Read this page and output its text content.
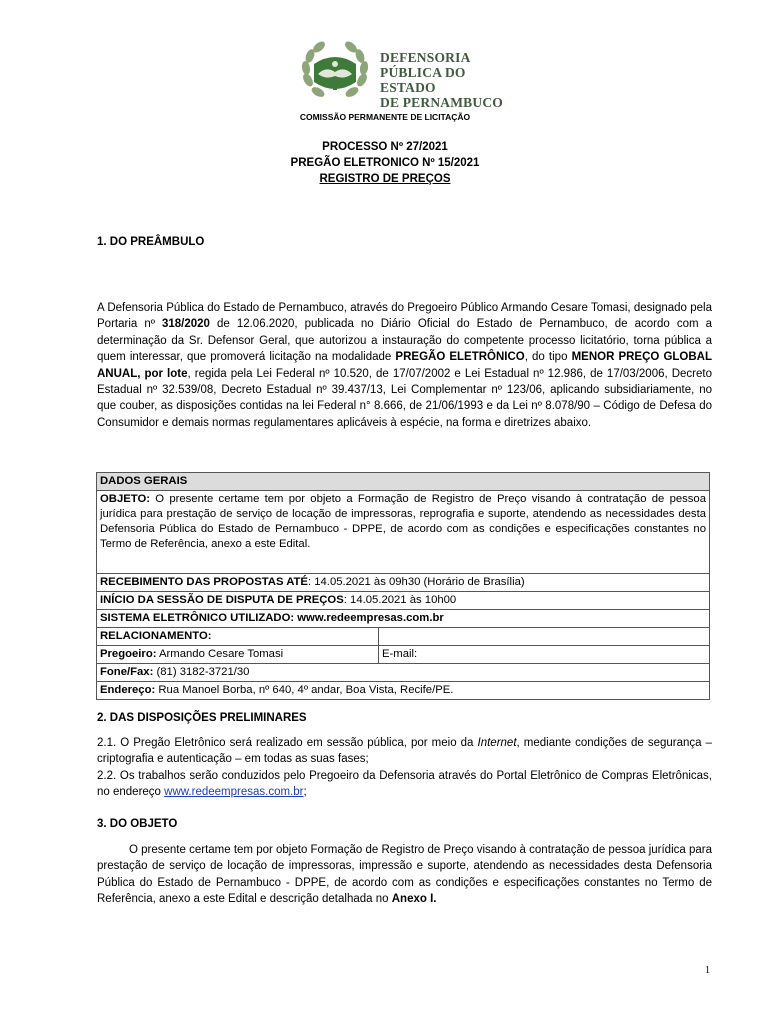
DEFENSORIA
PÚBLICA DO ESTADO
DE PERNAMBUCO
COMISSÃO PERMANENTE DE LICITAÇÃO
PROCESSO Nº 27/2021
PREGÃO ELETRONICO Nº 15/2021
REGISTRO DE PREÇOS
1. DO PREÂMBULO
A Defensoria Pública do Estado de Pernambuco, através do Pregoeiro Público Armando Cesare Tomasi, designado pela Portaria nº 318/2020 de 12.06.2020, publicada no Diário Oficial do Estado de Pernambuco, de acordo com a determinação da Sr. Defensor Geral, que autorizou a instauração do competente processo licitatório, torna pública a quem interessar, que promoverá licitação na modalidade PREGÃO ELETRÔNICO, do tipo MENOR PREÇO GLOBAL ANUAL, por lote, regida pela Lei Federal nº 10.520, de 17/07/2002 e Lei Estadual nº 12.986, de 17/03/2006, Decreto Estadual nº 32.539/08, Decreto Estadual nº 39.437/13, Lei Complementar nº 123/06, aplicando subsidiariamente, no que couber, as disposições contidas na lei Federal n° 8.666, de 21/06/1993 e da Lei nº 8.078/90 – Código de Defesa do Consumidor e demais normas regulamentares aplicáveis à espécie, na forma e diretrizes abaixo.
DADOS GERAIS	
OBJETO: O presente certame tem por objeto a Formação de Registro de Preço visando à contratação de pessoa jurídica para prestação de serviço de locação de impressoras, reprografia e suporte, atendendo as necessidades desta Defensoria Pública do Estado de Pernambuco - DPPE, de acordo com as condições e especificações constantes no Termo de Referência, anexo a este Edital.	
RECEBIMENTO DAS PROPOSTAS ATÉ: 14.05.2021 às 09h30 (Horário de Brasília)	
INÍCIO DA SESSÃO DE DISPUTA DE PREÇOS: 14.05.2021 às 10h00	
SISTEMA ELETRÔNICO UTILIZADO: www.redeempresas.com.br	
RELACIONAMENTO:	
Pregoeiro: Armando Cesare Tomasi	E-mail:
Fone/Fax: (81) 3182-3721/30	
Endereço: Rua Manoel Borba, nº 640, 4º andar, Boa Vista, Recife/PE.	
2. DAS DISPOSIÇÕES PRELIMINARES
2.1. O Pregão Eletrônico será realizado em sessão pública, por meio da Internet, mediante condições de segurança – criptografia e autenticação – em todas as suas fases;
2.2. Os trabalhos serão conduzidos pelo Pregoeiro da Defensoria através do Portal Eletrônico de Compras Eletrônicas, no endereço www.redeempresas.com.br;
3. DO OBJETO
O presente certame tem por objeto Formação de Registro de Preço visando à contratação de pessoa jurídica para prestação de serviço de locação de impressoras, impressão e suporte, atendendo as necessidades desta Defensoria Pública do Estado de Pernambuco - DPPE, de acordo com as condições e especificações constantes no Termo de Referência, anexo a este Edital e descrição detalhada no Anexo I.
1
